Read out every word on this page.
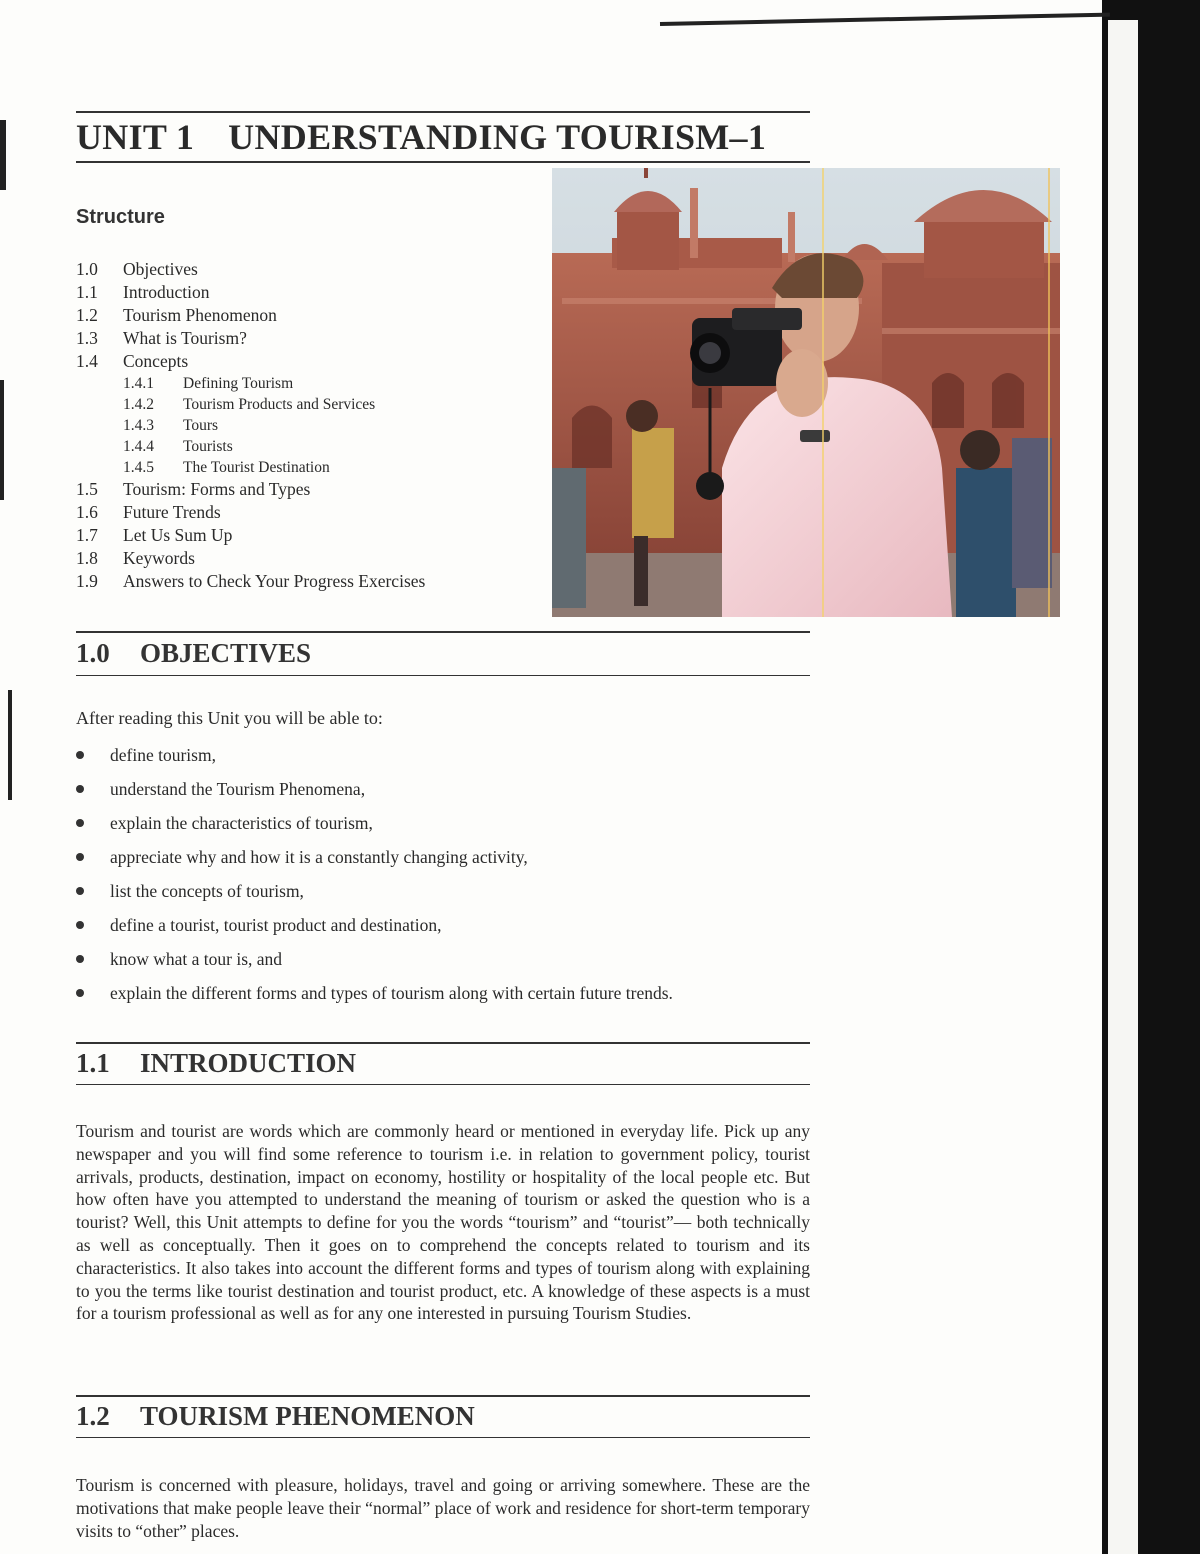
UNIT 1 UNDERSTANDING TOURISM–1
Structure
1.0 Objectives
1.1 Introduction
1.2 Tourism Phenomenon
1.3 What is Tourism?
1.4 Concepts
1.4.1 Defining Tourism
1.4.2 Tourism Products and Services
1.4.3 Tours
1.4.4 Tourists
1.4.5 The Tourist Destination
1.5 Tourism: Forms and Types
1.6 Future Trends
1.7 Let Us Sum Up
1.8 Keywords
1.9 Answers to Check Your Progress Exercises
1.0 OBJECTIVES
After reading this Unit you will be able to:
define tourism,
understand the Tourism Phenomena,
explain the characteristics of tourism,
appreciate why and how it is a constantly changing activity,
list the concepts of tourism,
define a tourist, tourist product and destination,
know what a tour is, and
explain the different forms and types of tourism along with certain future trends.
1.1 INTRODUCTION

Tourism and tourist are words which are commonly heard or mentioned in everyday life. Pick up any newspaper and you will find some reference to tourism i.e. in relation to government policy, tourist arrivals, products, destination, impact on economy, hostility or hospitality of the local people etc. But how often have you attempted to understand the meaning of tourism or asked the question who is a tourist? Well, this Unit attempts to define for you the words “tourism” and “tourist”— both technically as well as conceptually. Then it goes on to comprehend the concepts related to tourism and its characteristics. It also takes into account the different forms and types of tourism along with explaining to you the terms like tourist destination and tourist product, etc. A knowledge of these aspects is a must for a tourism professional as well as for any one interested in pursuing Tourism Studies.

1.2 TOURISM PHENOMENON

Tourism is concerned with pleasure, holidays, travel and going or arriving somewhere. These are the motivations that make people leave their “normal” place of work and residence for short-term temporary visits to “other” places.
